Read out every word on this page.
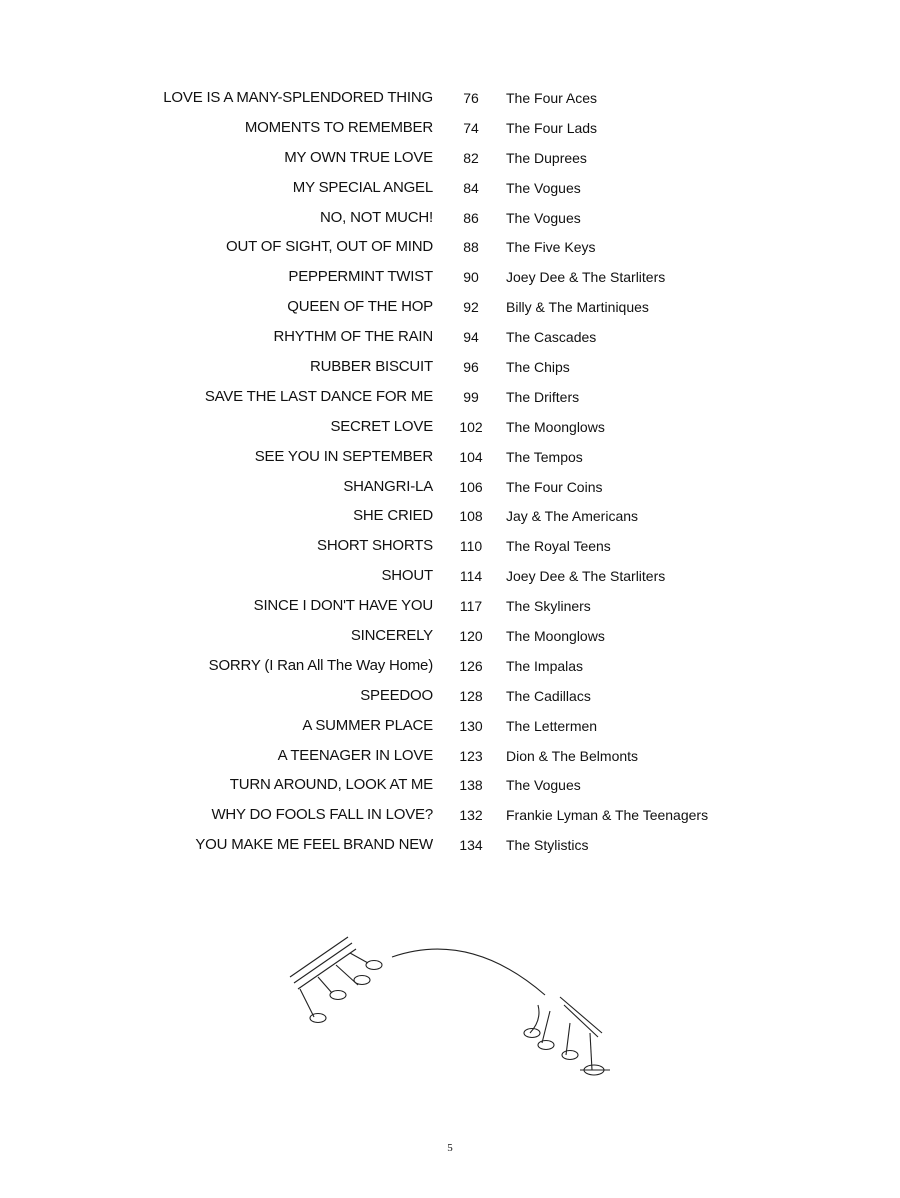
LOVE IS A MANY-SPLENDORED THING	76	The Four Aces
MOMENTS TO REMEMBER	74	The Four Lads
MY OWN TRUE LOVE	82	The Duprees
MY SPECIAL ANGEL	84	The Vogues
NO, NOT MUCH!	86	The Vogues
OUT OF SIGHT, OUT OF MIND	88	The Five Keys
PEPPERMINT TWIST	90	Joey Dee & The Starliters
QUEEN OF THE HOP	92	Billy & The Martiniques
RHYTHM OF THE RAIN	94	The Cascades
RUBBER BISCUIT	96	The Chips
SAVE THE LAST DANCE FOR ME	99	The Drifters
SECRET LOVE	102	The Moonglows
SEE YOU IN SEPTEMBER	104	The Tempos
SHANGRI-LA	106	The Four Coins
SHE CRIED	108	Jay & The Americans
SHORT SHORTS	110	The Royal Teens
SHOUT	114	Joey Dee & The Starliters
SINCE I DON'T HAVE YOU	117	The Skyliners
SINCERELY	120	The Moonglows
SORRY (I Ran All The Way Home)	126	The Impalas
SPEEDOO	128	The Cadillacs
A SUMMER PLACE	130	The Lettermen
A TEENAGER IN LOVE	123	Dion & The Belmonts
TURN AROUND, LOOK AT ME	138	The Vogues
WHY DO FOOLS FALL IN LOVE?	132	Frankie Lyman & The Teenagers
YOU MAKE ME FEEL BRAND NEW	134	The Stylistics
5
